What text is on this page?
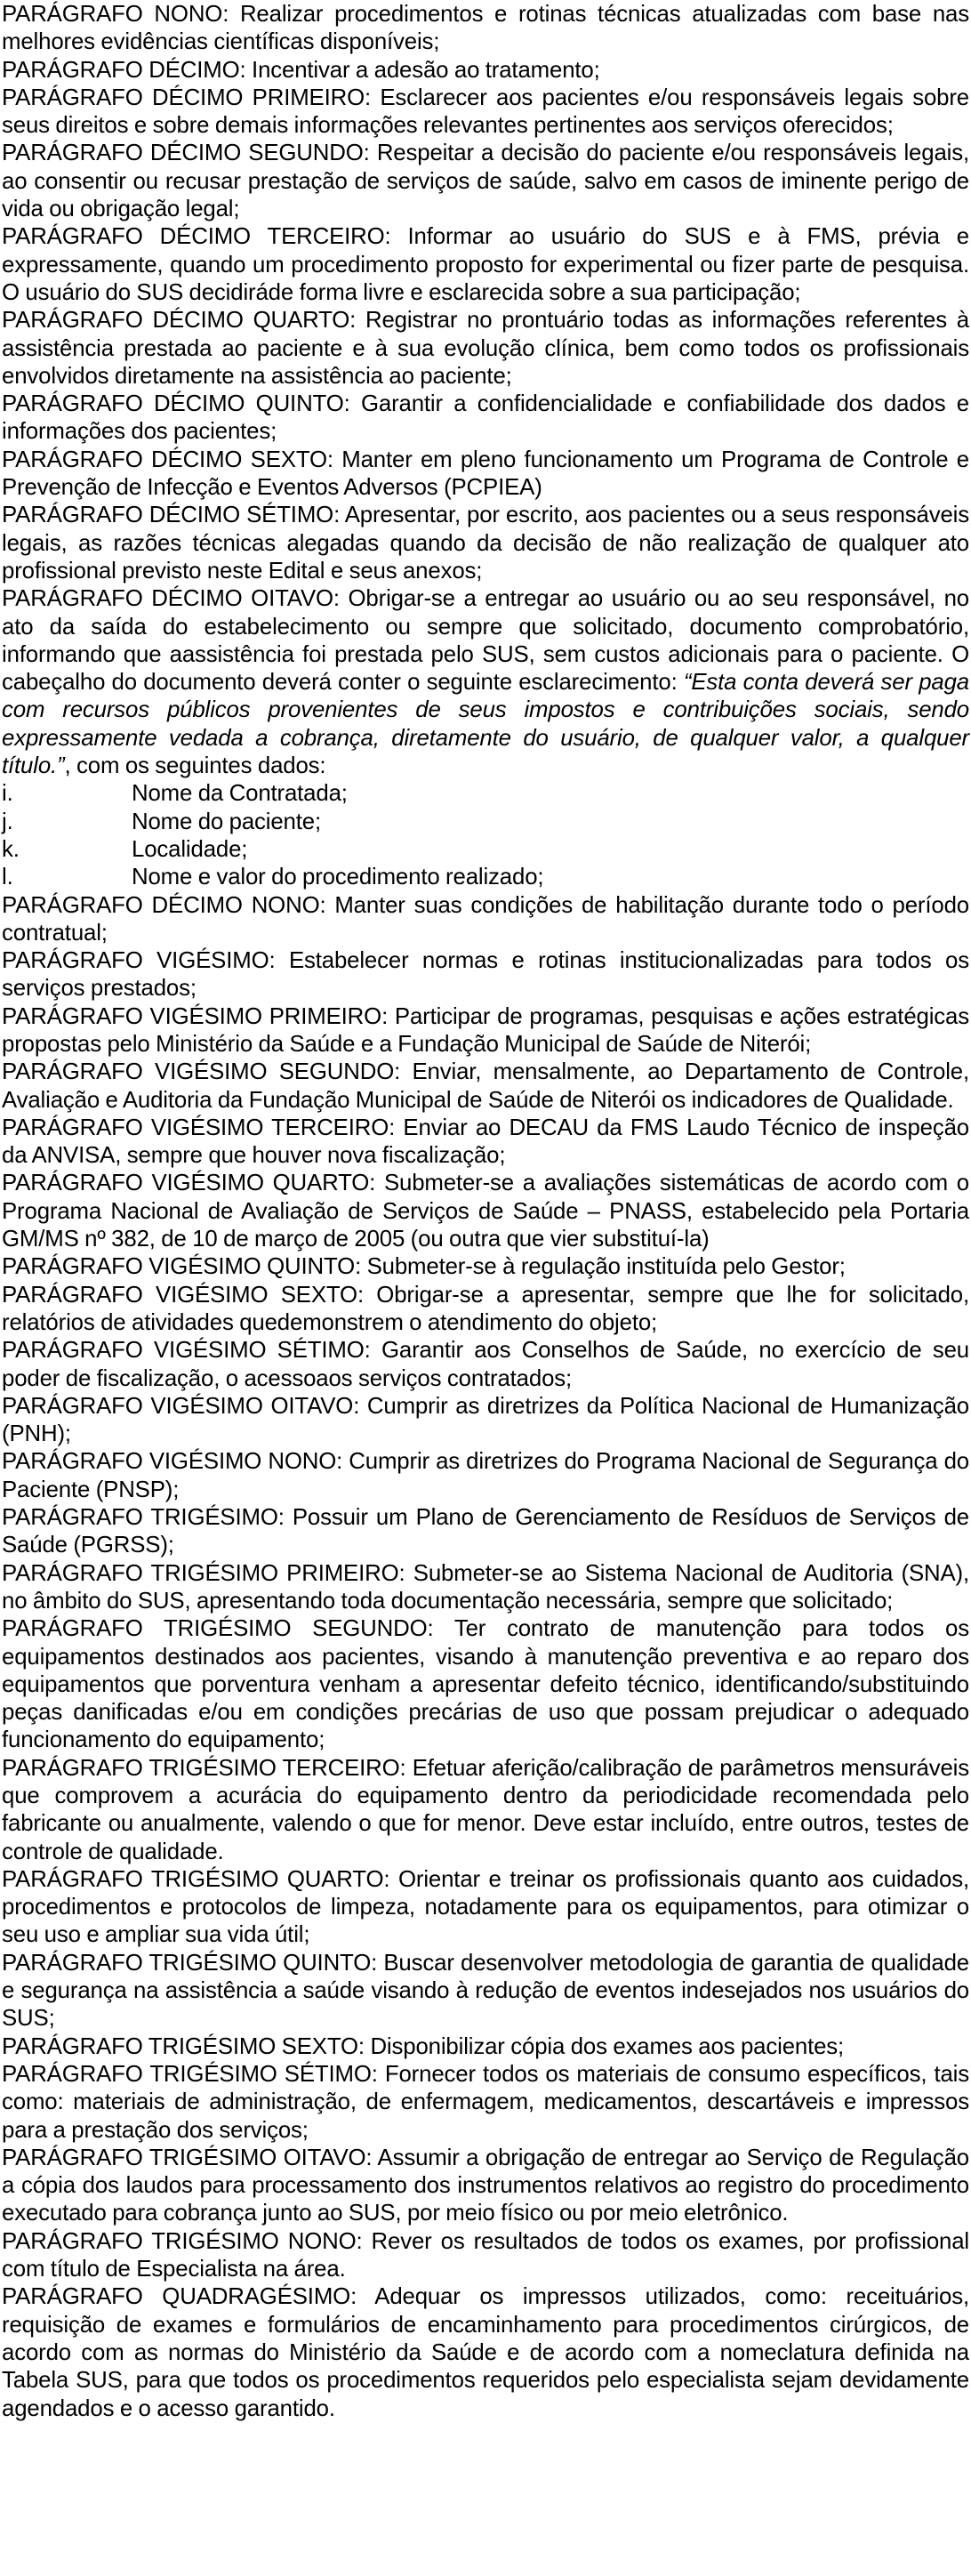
PARÁGRAFO NONO: Realizar procedimentos e rotinas técnicas atualizadas com base nas melhores evidências científicas disponíveis;

PARÁGRAFO DÉCIMO: Incentivar a adesão ao tratamento;

PARÁGRAFO DÉCIMO PRIMEIRO: Esclarecer aos pacientes e/ou responsáveis legais sobre seus direitos e sobre demais informações relevantes pertinentes aos serviços oferecidos;

PARÁGRAFO DÉCIMO SEGUNDO: Respeitar a decisão do paciente e/ou responsáveis legais, ao consentir ou recusar prestação de serviços de saúde, salvo em casos de iminente perigo de vida ou obrigação legal;

PARÁGRAFO DÉCIMO TERCEIRO: Informar ao usuário do SUS e à FMS, prévia e expressamente, quando um procedimento proposto for experimental ou fizer parte de pesquisa. O usuário do SUS decidiráde forma livre e esclarecida sobre a sua participação;

PARÁGRAFO DÉCIMO QUARTO: Registrar no prontuário todas as informações referentes à assistência prestada ao paciente e à sua evolução clínica, bem como todos os profissionais envolvidos diretamente na assistência ao paciente;

PARÁGRAFO DÉCIMO QUINTO: Garantir a confidencialidade e confiabilidade dos dados e informações dos pacientes;

PARÁGRAFO DÉCIMO SEXTO: Manter em pleno funcionamento um Programa de Controle e Prevenção de Infecção e Eventos Adversos (PCPIEA)

PARÁGRAFO DÉCIMO SÉTIMO: Apresentar, por escrito, aos pacientes ou a seus responsáveis legais, as razões técnicas alegadas quando da decisão de não realização de qualquer ato profissional previsto neste Edital e seus anexos;

PARÁGRAFO DÉCIMO OITAVO: Obrigar-se a entregar ao usuário ou ao seu responsável, no ato da saída do estabelecimento ou sempre que solicitado, documento comprobatório, informando que aassistência foi prestada pelo SUS, sem custos adicionais para o paciente. O cabeçalho do documento deverá conter o seguinte esclarecimento: “Esta conta deverá ser paga com recursos públicos provenientes de seus impostos e contribuições sociais, sendo expressamente vedada a cobrança, diretamente do usuário, de qualquer valor, a qualquer título.”, com os seguintes dados:

i.	Nome da Contratada;

j.	Nome do paciente;

k.	Localidade;

l.	Nome e valor do procedimento realizado;

PARÁGRAFO DÉCIMO NONO: Manter suas condições de habilitação durante todo o período contratual;

PARÁGRAFO VIGÉSIMO: Estabelecer normas e rotinas institucionalizadas para todos os serviços prestados;

PARÁGRAFO VIGÉSIMO PRIMEIRO: Participar de programas, pesquisas e ações estratégicas propostas pelo Ministério da Saúde e a Fundação Municipal de Saúde de Niterói;

PARÁGRAFO VIGÉSIMO SEGUNDO: Enviar, mensalmente, ao Departamento de Controle, Avaliação e Auditoria da Fundação Municipal de Saúde de Niterói os indicadores de Qualidade.

PARÁGRAFO VIGÉSIMO TERCEIRO: Enviar ao DECAU da FMS Laudo Técnico de inspeção da ANVISA, sempre que houver nova fiscalização;

PARÁGRAFO VIGÉSIMO QUARTO: Submeter-se a avaliações sistemáticas de acordo com o Programa Nacional de Avaliação de Serviços de Saúde – PNASS, estabelecido pela Portaria GM/MS nº 382, de 10 de março de 2005 (ou outra que vier substituí-la)

PARÁGRAFO VIGÉSIMO QUINTO: Submeter-se à regulação instituída pelo Gestor;

PARÁGRAFO VIGÉSIMO SEXTO: Obrigar-se a apresentar, sempre que lhe for solicitado, relatórios de atividades quedemonstrem o atendimento do objeto;

PARÁGRAFO VIGÉSIMO SÉTIMO: Garantir aos Conselhos de Saúde, no exercício de seu poder de fiscalização, o acessoaos serviços contratados;

PARÁGRAFO VIGÉSIMO OITAVO: Cumprir as diretrizes da Política Nacional de Humanização (PNH);

PARÁGRAFO VIGÉSIMO NONO: Cumprir as diretrizes do Programa Nacional de Segurança do Paciente (PNSP);

PARÁGRAFO TRIGÉSIMO: Possuir um Plano de Gerenciamento de Resíduos de Serviços de Saúde (PGRSS);

PARÁGRAFO TRIGÉSIMO PRIMEIRO: Submeter-se ao Sistema Nacional de Auditoria (SNA), no âmbito do SUS, apresentando toda documentação necessária, sempre que solicitado;

PARÁGRAFO TRIGÉSIMO SEGUNDO: Ter contrato de manutenção para todos os equipamentos destinados aos pacientes, visando à manutenção preventiva e ao reparo dos equipamentos que porventura venham a apresentar defeito técnico, identificando/substituindo peças danificadas e/ou em condições precárias de uso que possam prejudicar o adequado funcionamento do equipamento;

PARÁGRAFO TRIGÉSIMO TERCEIRO: Efetuar aferição/calibração de parâmetros mensuráveis que comprovem a acurácia do equipamento dentro da periodicidade recomendada pelo fabricante ou anualmente, valendo o que for menor. Deve estar incluído, entre outros, testes de controle de qualidade.

PARÁGRAFO TRIGÉSIMO QUARTO: Orientar e treinar os profissionais quanto aos cuidados, procedimentos e protocolos de limpeza, notadamente para os equipamentos, para otimizar o seu uso e ampliar sua vida útil;

PARÁGRAFO TRIGÉSIMO QUINTO: Buscar desenvolver metodologia de garantia de qualidade e segurança na assistência a saúde visando à redução de eventos indesejados nos usuários do SUS;

PARÁGRAFO TRIGÉSIMO SEXTO: Disponibilizar cópia dos exames aos pacientes;

PARÁGRAFO TRIGÉSIMO SÉTIMO: Fornecer todos os materiais de consumo específicos, tais como: materiais de administração, de enfermagem, medicamentos, descartáveis e impressos para a prestação dos serviços;

PARÁGRAFO TRIGÉSIMO OITAVO: Assumir a obrigação de entregar ao Serviço de Regulação a cópia dos laudos para processamento dos instrumentos relativos ao registro do procedimento executado para cobrança junto ao SUS, por meio físico ou por meio eletrônico.

PARÁGRAFO TRIGÉSIMO NONO: Rever os resultados de todos os exames, por profissional com título de Especialista na área.

PARÁGRAFO QUADRAGÉSIMO: Adequar os impressos utilizados, como: receituários, requisição de exames e formulários de encaminhamento para procedimentos cirúrgicos, de acordo com as normas do Ministério da Saúde e de acordo com a nomeclatura definida na Tabela SUS, para que todos os procedimentos requeridos pelo especialista sejam devidamente agendados e o acesso garantido.
